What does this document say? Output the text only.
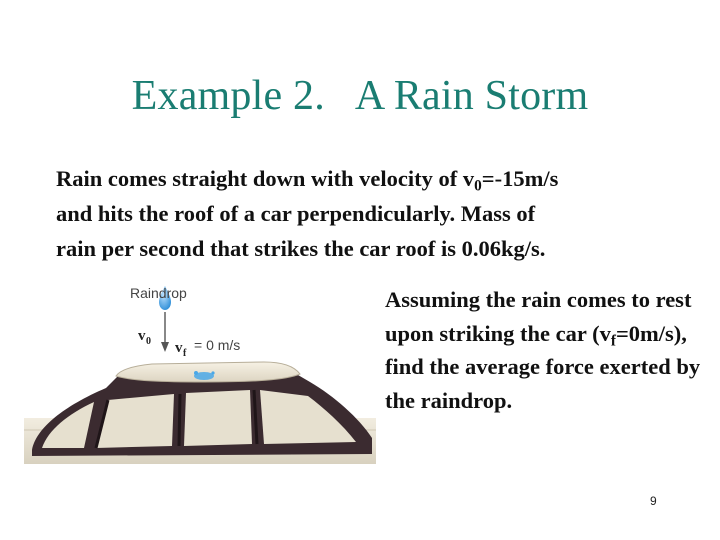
Example 2. A Rain Storm
Rain comes straight down with velocity of $v_0=-15m/s$
and hits the roof of a car perpendicularly. Mass of
rain per second that strikes the car roof is 0.06kg/s.
Assuming the rain comes to rest upon striking the car $(v_f=0m/s)$, find the average force exerted by the raindrop.
Raindrop
v 0 v f
= 0 m/s
9
